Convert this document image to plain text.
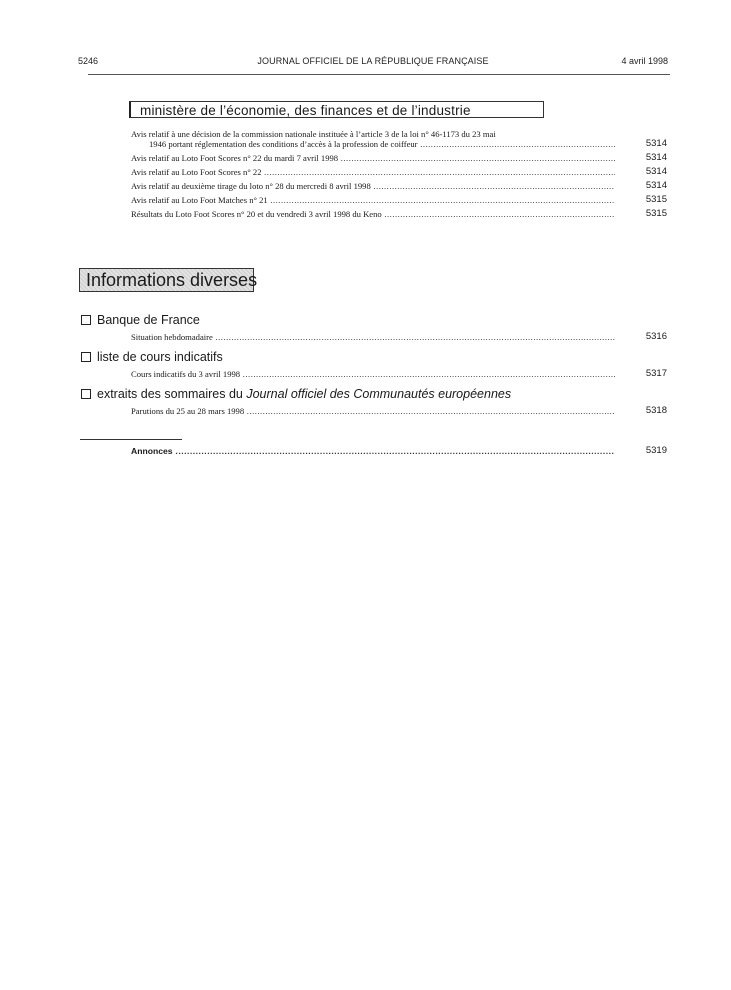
5246	JOURNAL OFFICIEL DE LA RÉPUBLIQUE FRANÇAISE	4 avril 1998
ministère de l’économie, des finances et de l’industrie
Avis relatif à une décision de la commission nationale instituée à l’article 3 de la loi n° 46-1173 du 23 mai
1946 portant réglementation des conditions d’accès à la profession de coiffeur .....	5314
Avis relatif au Loto Foot Scores n° 22 du mardi 7 avril 1998 .....	5314
Avis relatif au Loto Foot Scores n° 22 .....	5314
Avis relatif au deuxième tirage du loto n° 28 du mercredi 8 avril 1998 .....	5314
Avis relatif au Loto Foot Matches n° 21 .....	5315
Résultats du Loto Foot Scores n° 20 et du vendredi 3 avril 1998 du Keno .....	5315
Informations diverses
Banque de France
Situation hebdomadaire .....	5316
liste de cours indicatifs
Cours indicatifs du 3 avril 1998 .....	5317
extraits des sommaires du Journal officiel des Communautés européennes
Parutions du 25 au 28 mars 1998 .....	5318
Annonces .....	5319
